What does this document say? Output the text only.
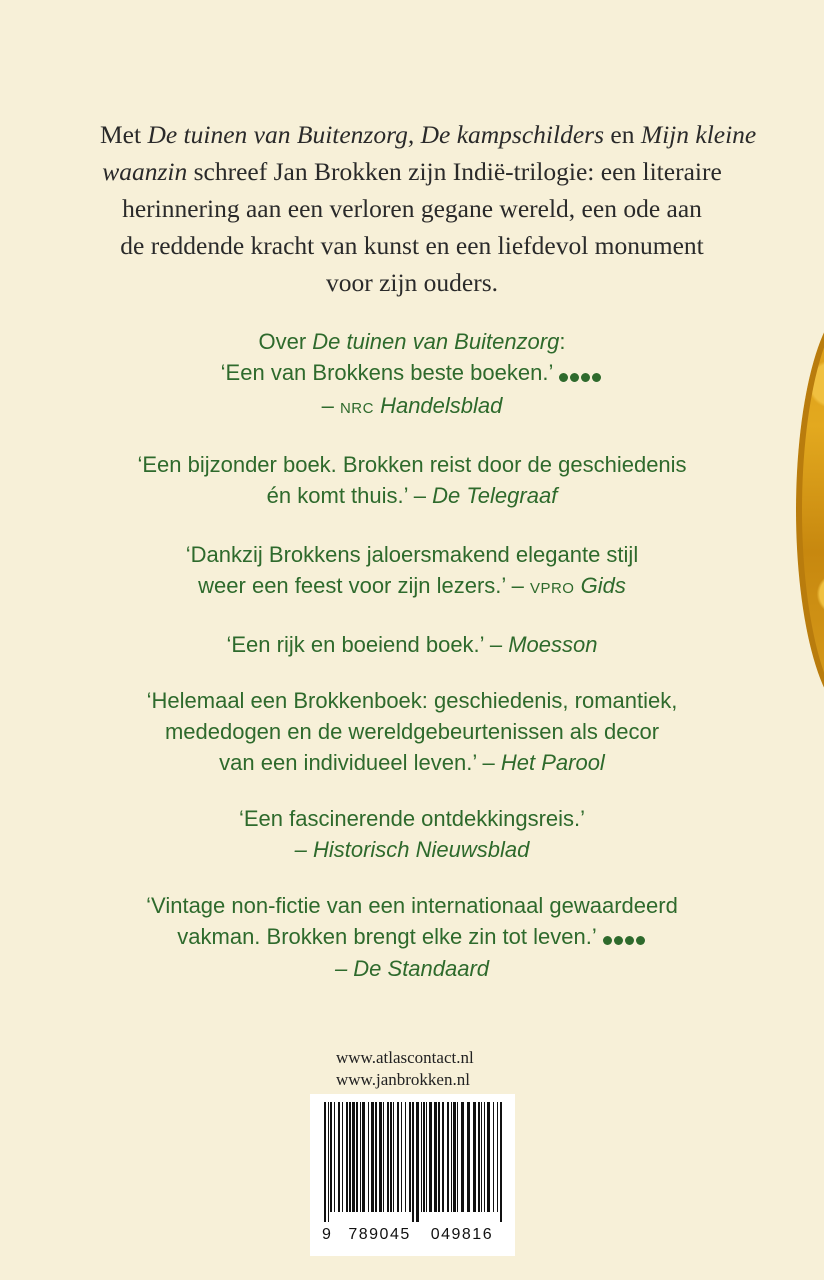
Met De tuinen van Buitenzorg, De kampschilders en Mijn kleine
waanzin schreef Jan Brokken zijn Indië-trilogie: een literaire
herinnering aan een verloren gegane wereld, een ode aan
de reddende kracht van kunst en een liefdevol monument
voor zijn ouders.

Over De tuinen van Buitenzorg:
‘Een van Brokkens beste boeken.’
– NRC Handelsblad

‘Een bijzonder boek. Brokken reist door de geschiedenis
én komt thuis.’ – De Telegraaf

‘Dankzij Brokkens jaloersmakend elegante stijl
weer een feest voor zijn lezers.’ – VPRO Gids

‘Een rijk en boeiend boek.’ – Moesson

‘Helemaal een Brokkenboek: geschiedenis, romantiek,
mededogen en de wereldgebeurtenissen als decor
van een individueel leven.’ – Het Parool

‘Een fascinerende ontdekkingsreis.’
– Historisch Nieuwsblad

‘Vintage non-fictie van een internationaal gewaardeerd
vakman. Brokken brengt elke zin tot leven.’
– De Standaard

www.atlascontact.nl
www.janbrokken.nl
9 789045 049816
